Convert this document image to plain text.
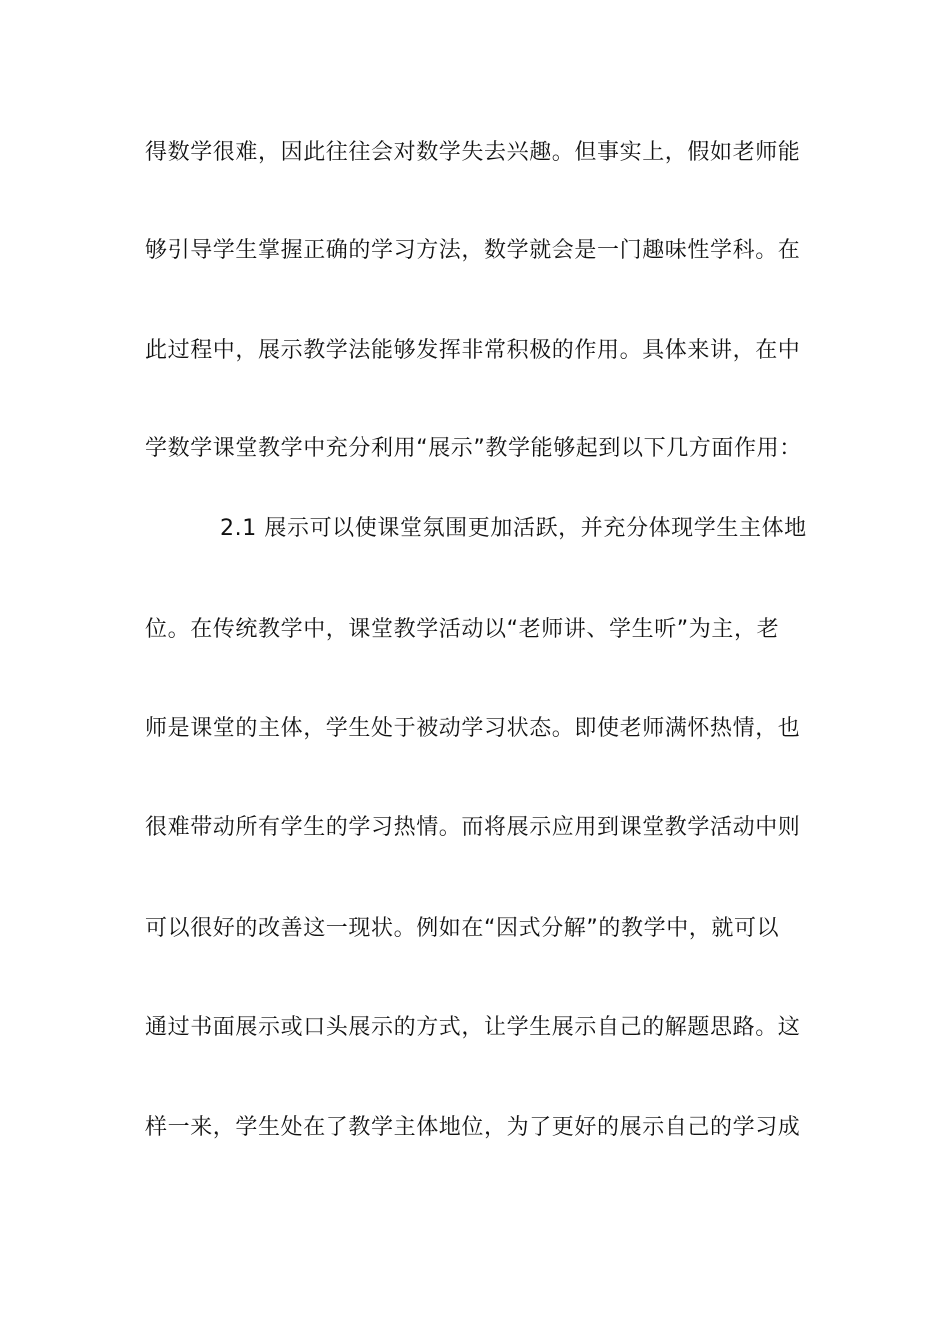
得数学很难，因此往往会对数学失去兴趣。但事实上，假如老师能
够引导学生掌握正确的学习方法，数学就会是一门趣味性学科。在
此过程中，展示教学法能够发挥非常积极的作用。具体来讲，在中
学数学课堂教学中充分利用“展示”教学能够起到以下几方面作用：
2.1 展示可以使课堂氛围更加活跃，并充分体现学生主体地
位。在传统教学中，课堂教学活动以“老师讲、学生听”为主，老
师是课堂的主体，学生处于被动学习状态。即使老师满怀热情，也
很难带动所有学生的学习热情。而将展示应用到课堂教学活动中则
可以很好的改善这一现状。例如在“因式分解”的教学中，就可以
通过书面展示或口头展示的方式，让学生展示自己的解题思路。这
样一来，学生处在了教学主体地位，为了更好的展示自己的学习成
